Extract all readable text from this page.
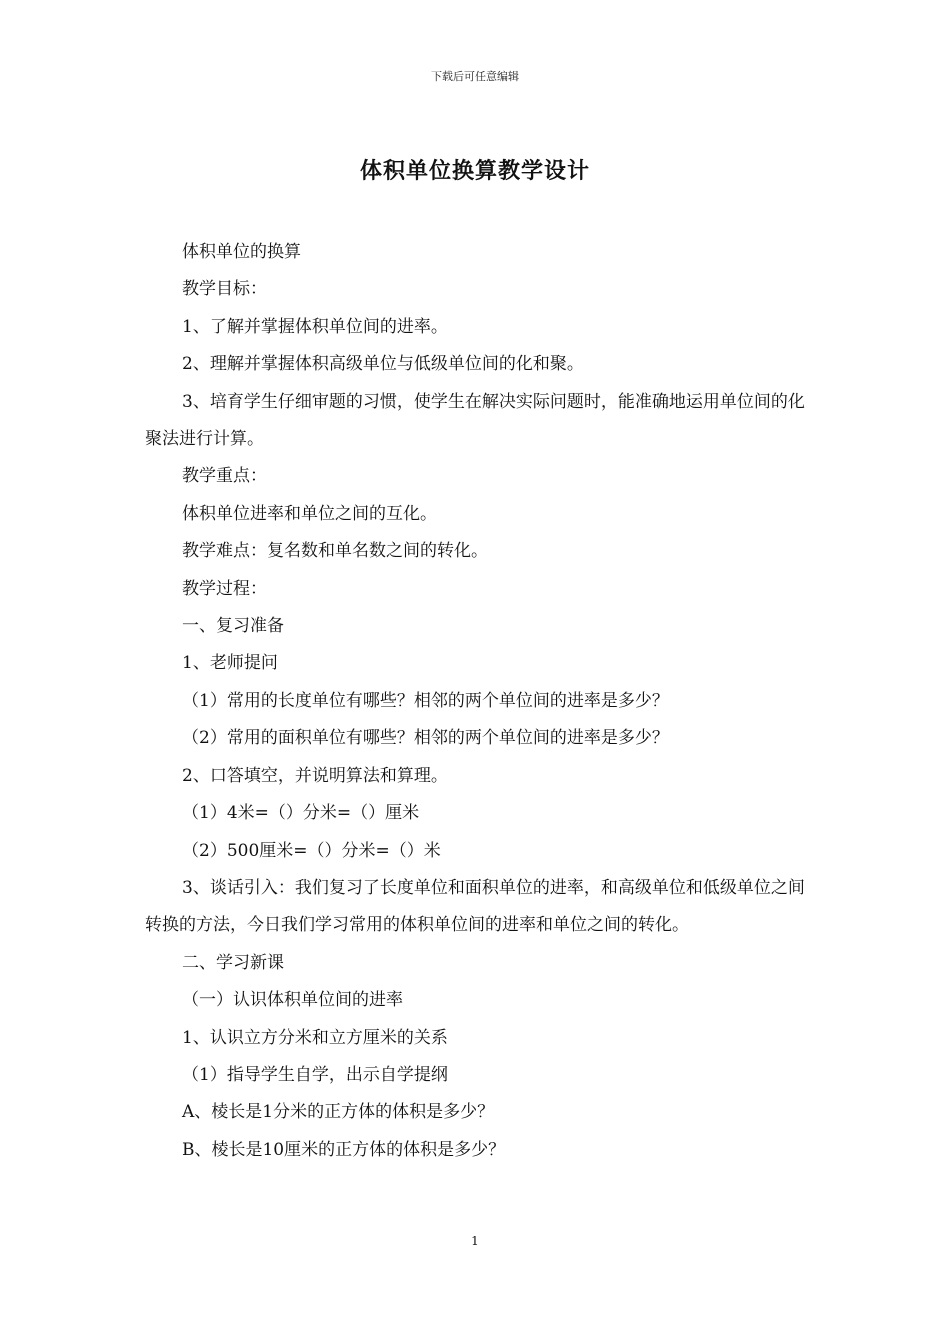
下载后可任意编辑
体积单位换算教学设计

体积单位的换算

教学目标：

1、了解并掌握体积单位间的进率。

2、理解并掌握体积高级单位与低级单位间的化和聚。

3、培育学生仔细审题的习惯，使学生在解决实际问题时，能准确地运用单位间的化聚法进行计算。

教学重点：

体积单位进率和单位之间的互化。

教学难点：复名数和单名数之间的转化。

教学过程：

一、复习准备

1、老师提问

（1）常用的长度单位有哪些？相邻的两个单位间的进率是多少？

（2）常用的面积单位有哪些？相邻的两个单位间的进率是多少？

2、口答填空，并说明算法和算理。

（1）4米=（）分米=（）厘米

（2）500厘米=（）分米=（）米

3、谈话引入：我们复习了长度单位和面积单位的进率，和高级单位和低级单位之间转换的方法，今日我们学习常用的体积单位间的进率和单位之间的转化。

二、学习新课

（一）认识体积单位间的进率

1、认识立方分米和立方厘米的关系

（1）指导学生自学，出示自学提纲

A、棱长是1分米的正方体的体积是多少？

B、棱长是10厘米的正方体的体积是多少？

1
